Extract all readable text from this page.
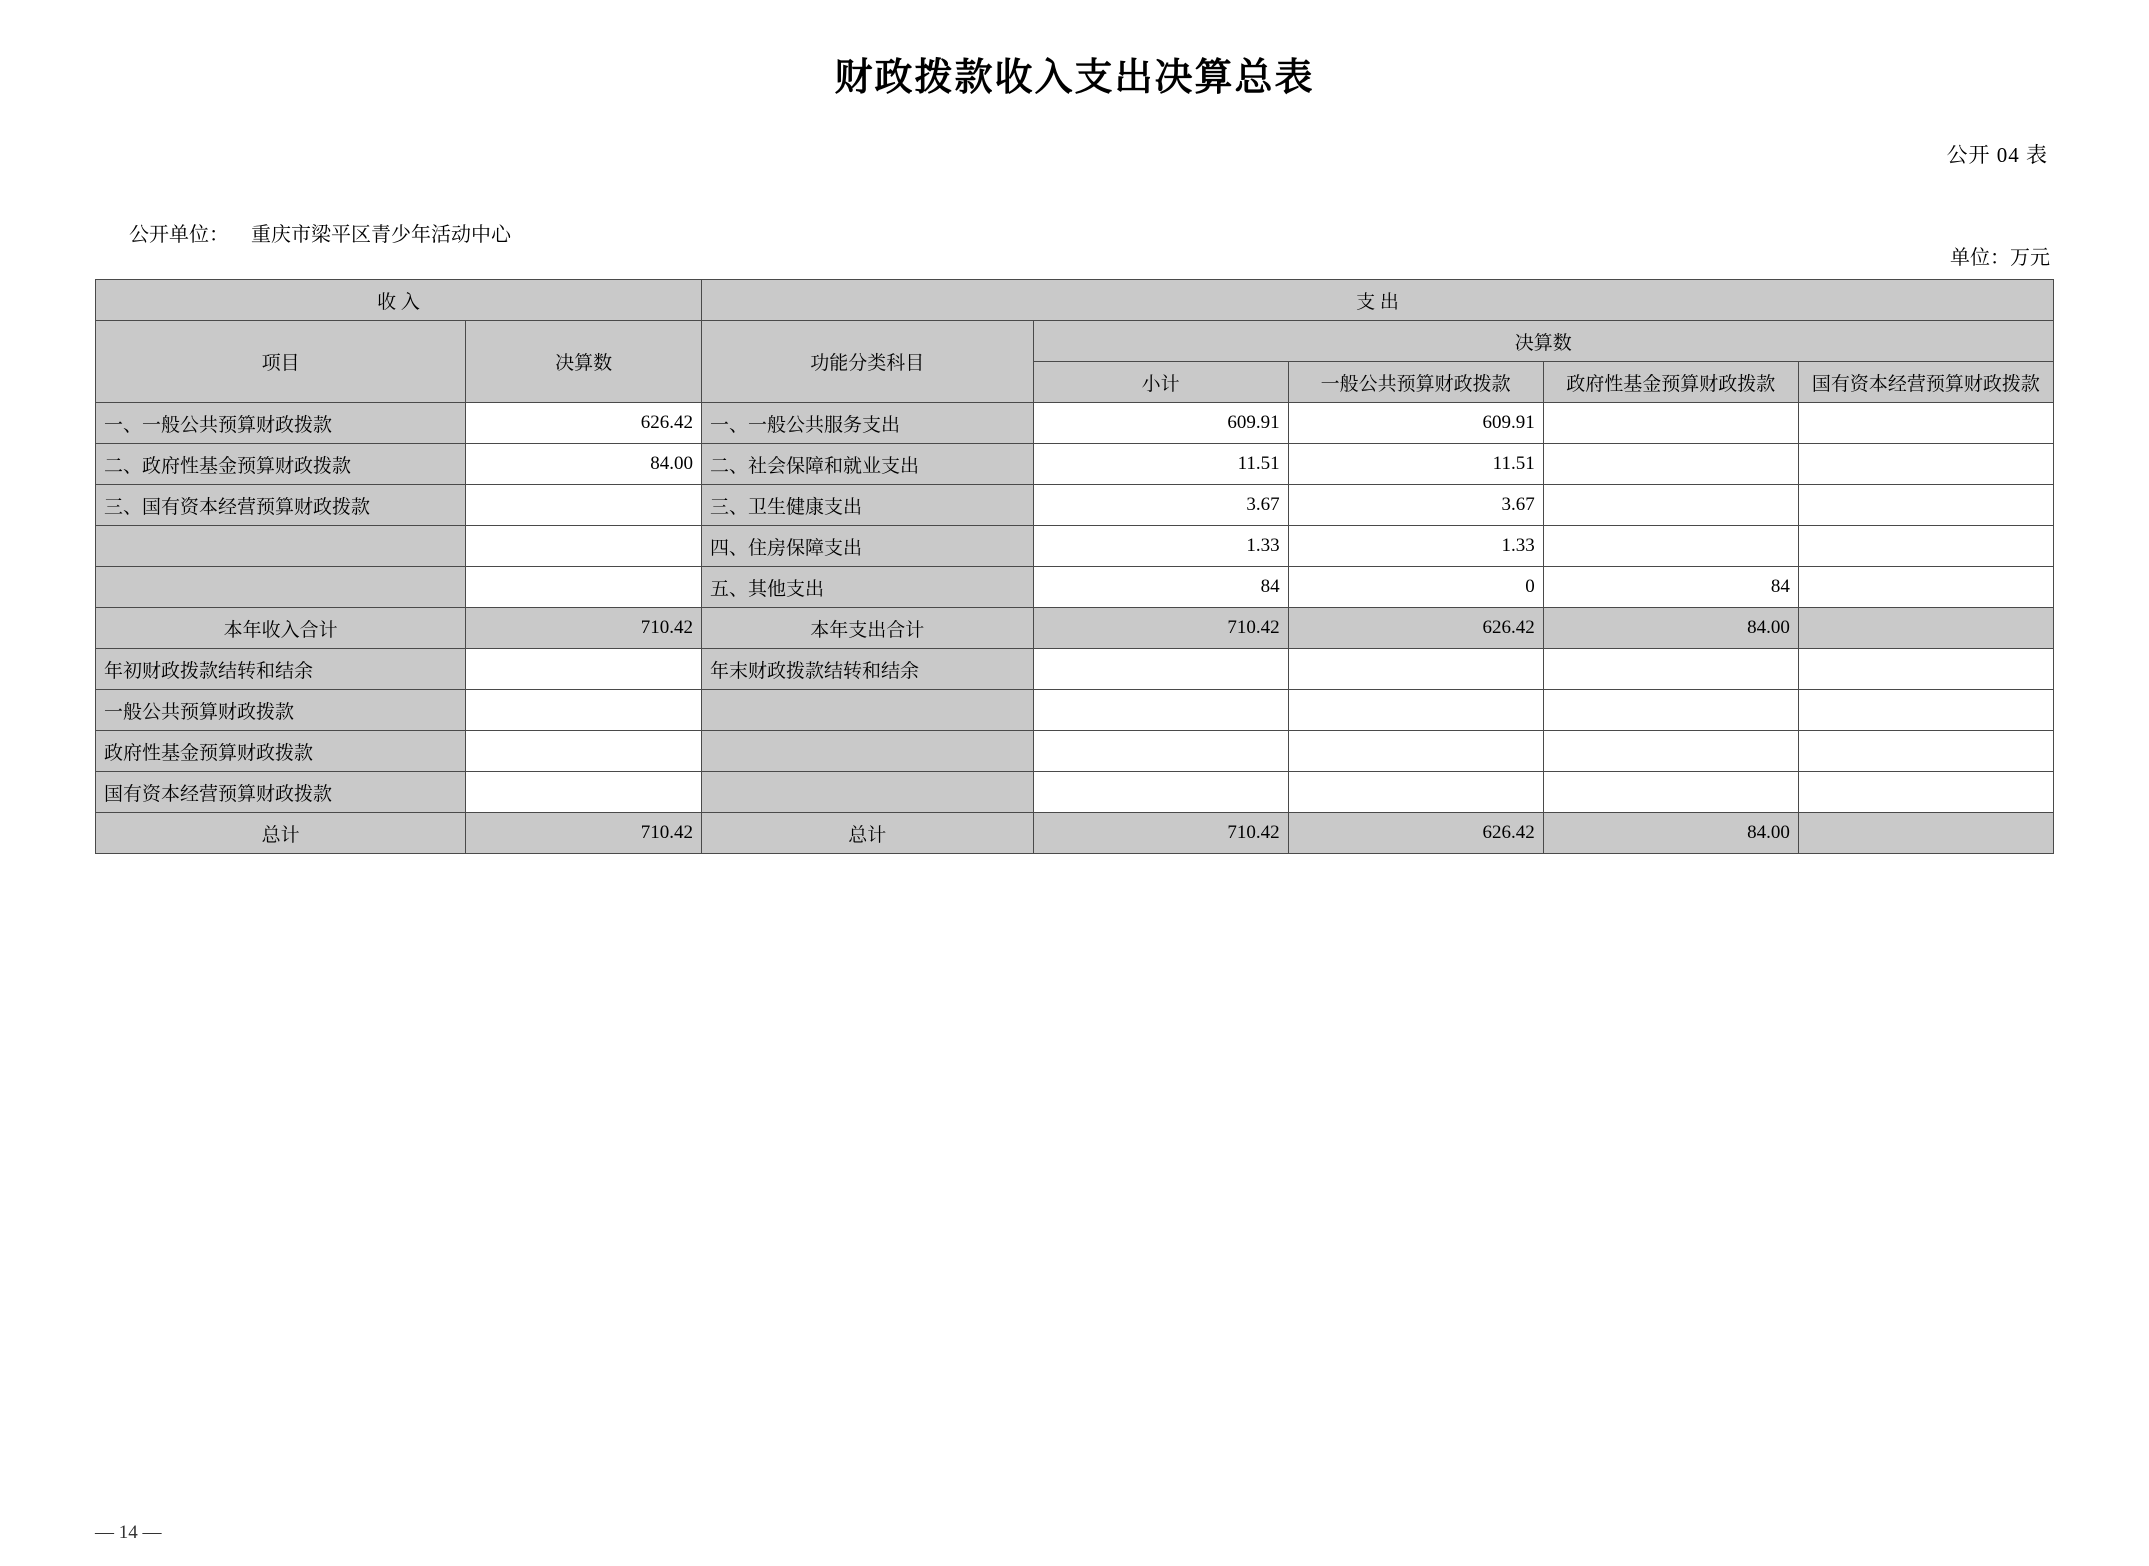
财政拨款收入支出决算总表
公开 04 表

公开单位： 重庆市梁平区青少年活动中心

单位：万元
收 入		支 出				
项目	决算数	功能分类科目	决算数			
			小计	一般公共预算财政拨款	政府性基金预算财政拨款	国有资本经营预算财政拨款
一、一般公共预算财政拨款	626.42	一、一般公共服务支出	609.91	609.91		
二、政府性基金预算财政拨款	84.00	二、社会保障和就业支出	11.51	11.51		
三、国有资本经营预算财政拨款		三、卫生健康支出	3.67	3.67		
		四、住房保障支出	1.33	1.33		
		五、其他支出	84	0	84	
本年收入合计	710.42	本年支出合计	710.42	626.42	84.00	
年初财政拨款结转和结余		年末财政拨款结转和结余				
一般公共预算财政拨款						
政府性基金预算财政拨款						
国有资本经营预算财政拨款						
总计	710.42	总计	710.42	626.42	84.00	
— 14 —
